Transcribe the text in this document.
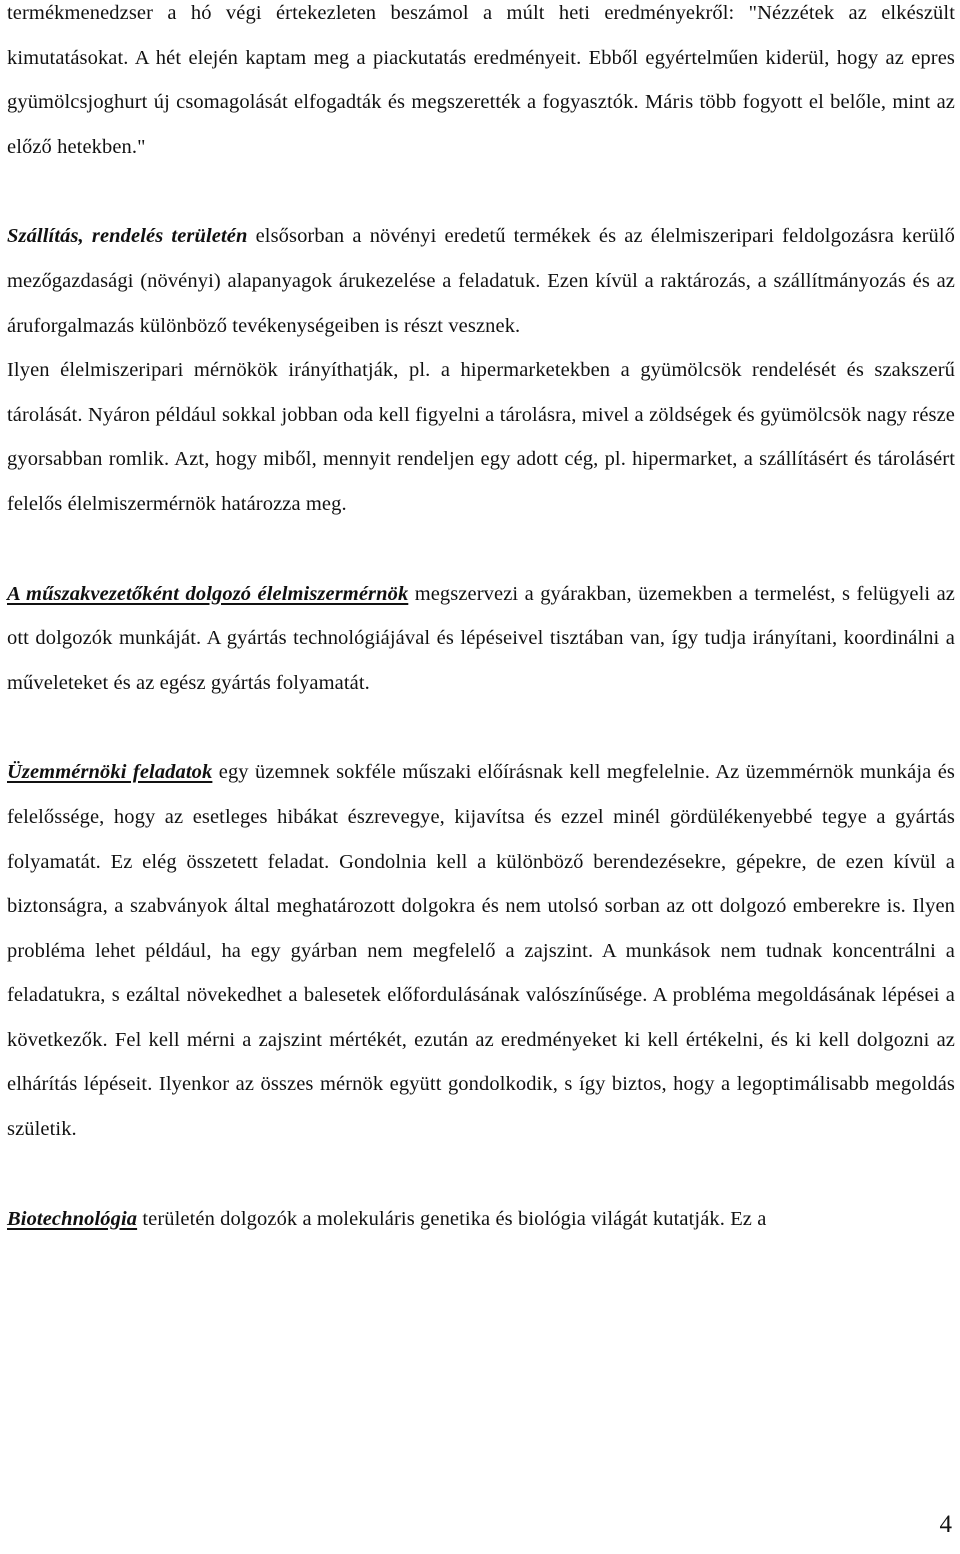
termékmenedzser a hó végi értekezleten beszámol a múlt heti eredményekről: "Nézzétek az elkészült kimutatásokat. A hét elején kaptam meg a piackutatás eredményeit. Ebből egyértelműen kiderül, hogy az epres gyümölcsjoghurt új csomagolását elfogadták és megszerették a fogyasztók. Máris több fogyott el belőle, mint az előző hetekben."

Szállítás, rendelés területén elsősorban a növényi eredetű termékek és az élelmiszeripari feldolgozásra kerülő mezőgazdasági (növényi) alapanyagok árukezelése a feladatuk. Ezen kívül a raktározás, a szállítmányozás és az áruforgalmazás különböző tevékenységeiben is részt vesznek.

Ilyen élelmiszeripari mérnökök irányíthatják, pl. a hipermarketekben a gyümölcsök rendelését és szakszerű tárolását. Nyáron például sokkal jobban oda kell figyelni a tárolásra, mivel a zöldségek és gyümölcsök nagy része gyorsabban romlik. Azt, hogy miből, mennyit rendeljen egy adott cég, pl. hipermarket, a szállításért és tárolásért felelős élelmiszermérnök határozza meg.

A műszakvezetőként dolgozó élelmiszermérnök megszervezi a gyárakban, üzemekben a termelést, s felügyeli az ott dolgozók munkáját. A gyártás technológiájával és lépéseivel tisztában van, így tudja irányítani, koordinálni a műveleteket és az egész gyártás folyamatát.

Üzemmérnöki feladatok egy üzemnek sokféle műszaki előírásnak kell megfelelnie. Az üzemmérnök munkája és felelőssége, hogy az esetleges hibákat észrevegye, kijavítsa és ezzel minél gördülékenyebbé tegye a gyártás folyamatát. Ez elég összetett feladat. Gondolnia kell a különböző berendezésekre, gépekre, de ezen kívül a biztonságra, a szabványok által meghatározott dolgokra és nem utolsó sorban az ott dolgozó emberekre is. Ilyen probléma lehet például, ha egy gyárban nem megfelelő a zajszint. A munkások nem tudnak koncentrálni a feladatukra, s ezáltal növekedhet a balesetek előfordulásának valószínűsége. A probléma megoldásának lépései a következők. Fel kell mérni a zajszint mértékét, ezután az eredményeket ki kell értékelni, és ki kell dolgozni az elhárítás lépéseit. Ilyenkor az összes mérnök együtt gondolkodik, s így biztos, hogy a legoptimálisabb megoldás születik.

Biotechnológia területén dolgozók a molekuláris genetika és biológia világát kutatják. Ez a

4
